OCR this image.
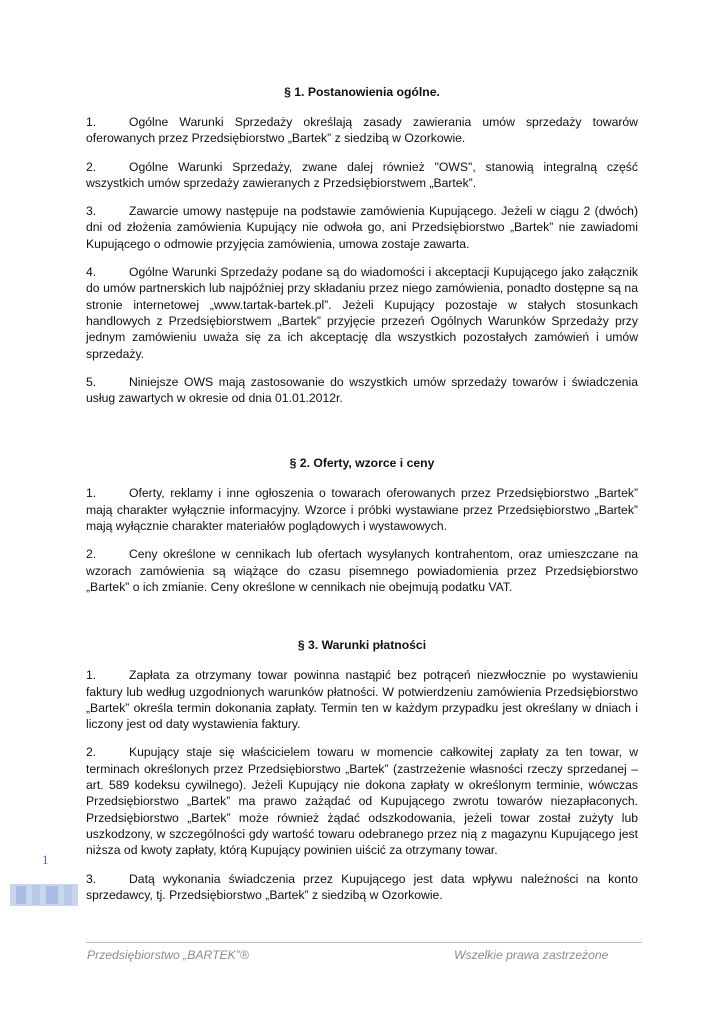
§ 1. Postanowienia ogólne.

1.	Ogólne Warunki Sprzedaży określają zasady zawierania umów sprzedaży towarów oferowanych przez Przedsiębiorstwo „Bartek” z siedzibą w Ozorkowie.

2.	Ogólne Warunki Sprzedaży, zwane dalej również "OWS", stanowią integralną część wszystkich umów sprzedaży zawieranych z Przedsiębiorstwem „Bartek”.

3.	Zawarcie umowy następuje na podstawie zamówienia Kupującego. Jeżeli w ciągu 2 (dwóch) dni od złożenia zamówienia Kupujący nie odwoła go, ani Przedsiębiorstwo „Bartek” nie zawiadomi Kupującego o odmowie przyjęcia zamówienia, umowa zostaje zawarta.

4.	Ogólne Warunki Sprzedaży podane są do wiadomości i akceptacji Kupującego jako załącznik do umów partnerskich lub najpóźniej przy składaniu przez niego zamówienia, ponadto dostępne są na stronie internetowej „www.tartak-bartek.pl”. Jeżeli Kupujący pozostaje w stałych stosunkach handlowych z Przedsiębiorstwem „Bartek” przyjęcie przezeń Ogólnych Warunków Sprzedaży przy jednym zamówieniu uważa się za ich akceptację dla wszystkich pozostałych zamówień i umów sprzedaży.

5.	Niniejsze OWS mają zastosowanie do wszystkich umów sprzedaży towarów i świadczenia usług zawartych w okresie od dnia 01.01.2012r.

§ 2. Oferty, wzorce i ceny

1.	Oferty, reklamy i inne ogłoszenia o towarach oferowanych przez Przedsiębiorstwo „Bartek” mają charakter wyłącznie informacyjny. Wzorce i próbki wystawiane przez Przedsiębiorstwo „Bartek” mają wyłącznie charakter materiałów poglądowych i wystawowych.

2.	Ceny określone w cennikach lub ofertach wysyłanych kontrahentom, oraz umieszczane na wzorach zamówienia są wiążące do czasu pisemnego powiadomienia przez Przedsiębiorstwo „Bartek” o ich zmianie. Ceny określone w cennikach nie obejmują podatku VAT.

§ 3. Warunki płatności

1.	Zapłata za otrzymany towar powinna nastąpić bez potrąceń niezwłocznie po wystawieniu faktury lub według uzgodnionych warunków płatności. W potwierdzeniu zamówienia Przedsiębiorstwo „Bartek” określa termin dokonania zapłaty. Termin ten w każdym przypadku jest określany w dniach i liczony jest od daty wystawienia faktury.

2.	Kupujący staje się właścicielem towaru w momencie całkowitej zapłaty za ten towar, w terminach określonych przez Przedsiębiorstwo „Bartek” (zastrzeżenie własności rzeczy sprzedanej – art. 589 kodeksu cywilnego). Jeżeli Kupujący nie dokona zapłaty w określonym terminie, wówczas Przedsiębiorstwo „Bartek” ma prawo zażądać od Kupującego zwrotu towarów niezapłaconych. Przedsiębiorstwo „Bartek” może również żądać odszkodowania, jeżeli towar został zużyty lub uszkodzony, w szczególności gdy wartość towaru odebranego przez nią z magazynu Kupującego jest niższa od kwoty zapłaty, którą Kupujący powinien uiścić za otrzymany towar.

3.	Datą wykonania świadczenia przez Kupującego jest data wpływu należności na konto sprzedawcy, tj. Przedsiębiorstwo „Bartek” z siedzibą w Ozorkowie.

1
Przedsiębiorstwo „BARTEK”®	Wszelkie prawa zastrzeżone
